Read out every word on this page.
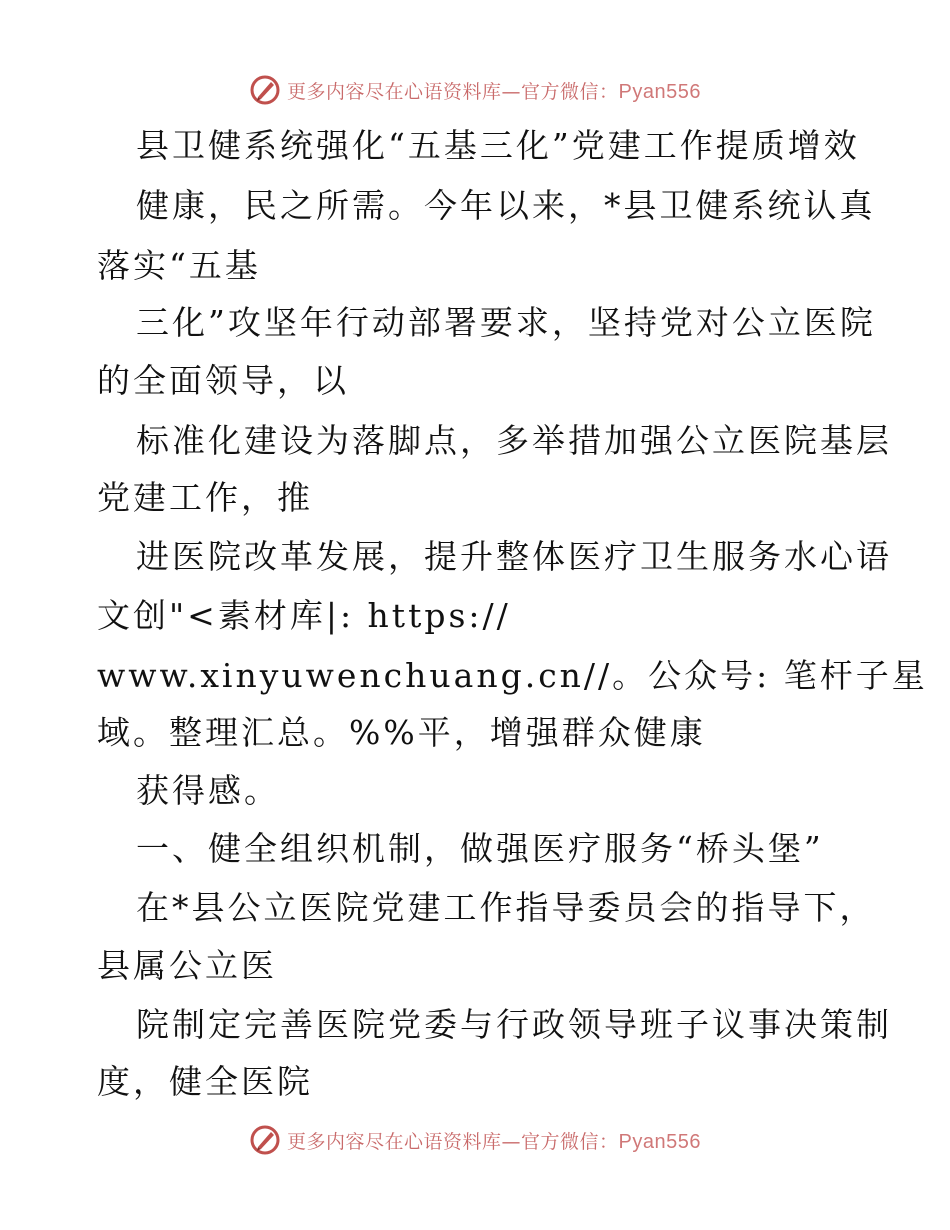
更多内容尽在心语资料库—官方微信：Pyan556
县卫健系统强化“五基三化”党建工作提质增效
健康，民之所需。今年以来，*县卫健系统认真
落实“五基
三化”攻坚年行动部署要求，坚持党对公立医院
的全面领导，以
标准化建设为落脚点，多举措加强公立医院基层
党建工作，推
进医院改革发展，提升整体医疗卫生服务水心语
文创"<素材库|: https://
www.xinyuwenchuang.cn//。公众号: 笔杆子星
域。整理汇总。%%平，增强群众健康
获得感。
一、健全组织机制，做强医疗服务“桥头堡”
在*县公立医院党建工作指导委员会的指导下，
县属公立医
院制定完善医院党委与行政领导班子议事决策制
度，健全医院
更多内容尽在心语资料库—官方微信：Pyan556
